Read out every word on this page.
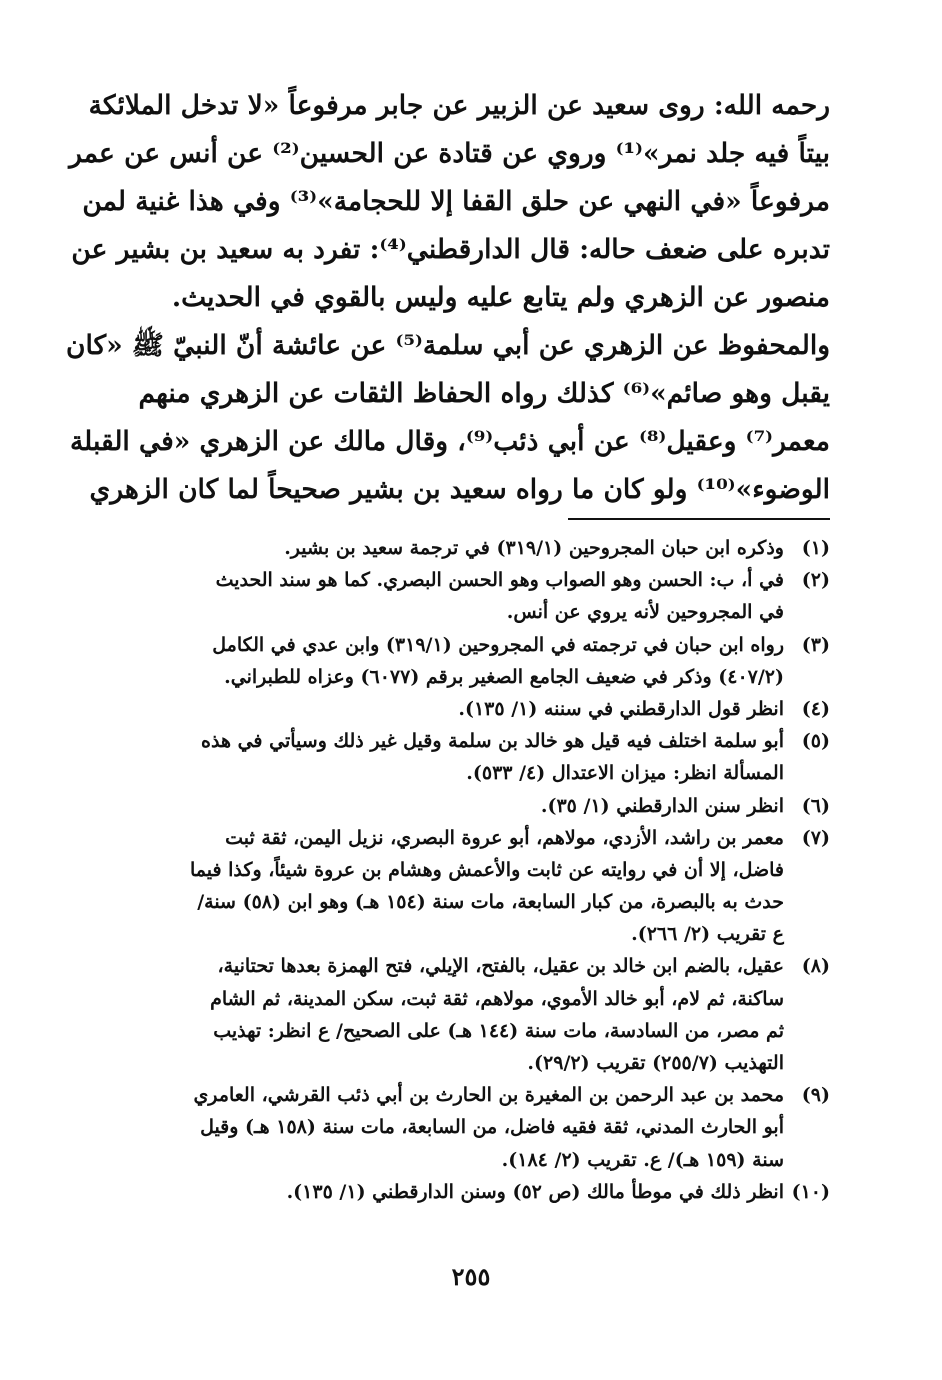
رحمه الله: روى سعيد عن الزبير عن جابر مرفوعاً «لا تدخل الملائكة
بيتاً فيه جلد نمر»⁽¹⁾ وروي عن قتادة عن الحسين⁽²⁾ عن أنس عن عمر
مرفوعاً «في النهي عن حلق القفا إلا للحجامة»⁽³⁾ وفي هذا غنية لمن
تدبره على ضعف حاله: قال الدارقطني⁽⁴⁾: تفرد به سعيد بن بشير عن
منصور عن الزهري ولم يتابع عليه وليس بالقوي في الحديث.
والمحفوظ عن الزهري عن أبي سلمة⁽⁵⁾ عن عائشة أنّ النبيّ ﷺ «كان
يقبل وهو صائم»⁽⁶⁾ كذلك رواه الحفاظ الثقات عن الزهري منهم
معمر⁽⁷⁾ وعقيل⁽⁸⁾ عن أبي ذئب⁽⁹⁾، وقال مالك عن الزهري «في القبلة
الوضوء»⁽¹⁰⁾ ولو كان ما رواه سعيد بن بشير صحيحاً لما كان الزهري
(١)
وذكره ابن حبان المجروحين (٣١٩/١) في ترجمة سعيد بن بشير.
(٢)
في أ، ب: الحسن وهو الصواب وهو الحسن البصري. كما هو سند الحديث
في المجروحين لأنه يروي عن أنس.
(٣)
رواه ابن حبان في ترجمته في المجروحين (٣١٩/١) وابن عدي في الكامل
(٤٠٧/٢) وذكر في ضعيف الجامع الصغير برقم (٦٠٧٧) وعزاه للطبراني.
(٤)
انظر قول الدارقطني في سننه (١/ ١٣٥).
(٥)
أبو سلمة اختلف فيه قيل هو خالد بن سلمة وقيل غير ذلك وسيأتي في هذه
المسألة انظر: ميزان الاعتدال (٤/ ٥٣٣).
(٦)
انظر سنن الدارقطني (١/ ٣٥).
(٧)
معمر بن راشد، الأزدي، مولاهم، أبو عروة البصري، نزيل اليمن، ثقة ثبت
فاضل، إلا أن في روايته عن ثابت والأعمش وهشام بن عروة شيئاً، وكذا فيما
حدث به بالبصرة، من كبار السابعة، مات سنة (١٥٤ هـ) وهو ابن (٥٨) سنة/
ع تقريب (٢/ ٢٦٦).
(٨)
عقيل، بالضم ابن خالد بن عقيل، بالفتح، الإيلي، فتح الهمزة بعدها تحتانية،
ساكنة، ثم لام، أبو خالد الأموي، مولاهم، ثقة ثبت، سكن المدينة، ثم الشام
ثم مصر، من السادسة، مات سنة (١٤٤ هـ) على الصحيح/ ع انظر: تهذيب
التهذيب (٢٥٥/٧) تقريب (٢٩/٢).
(٩)
محمد بن عبد الرحمن بن المغيرة بن الحارث بن أبي ذئب القرشي، العامري
أبو الحارث المدني، ثقة فقيه فاضل، من السابعة، مات سنة (١٥٨ هـ) وقيل
سنة (١٥٩ هـ)/ ع. تقريب (٢/ ١٨٤).
(١٠)
انظر ذلك في موطأ مالك (ص ٥٢) وسنن الدارقطني (١/ ١٣٥).
٢٥٥
